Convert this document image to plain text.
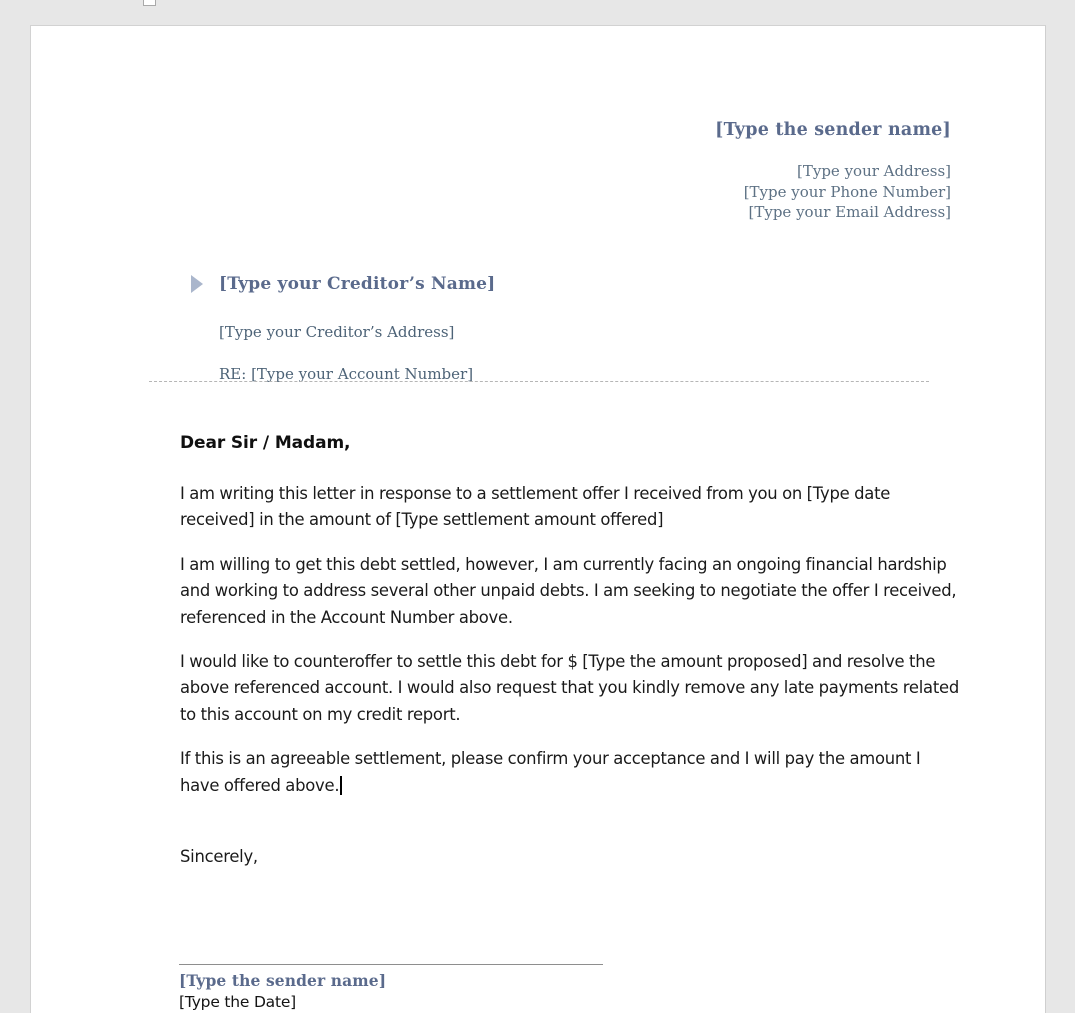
[Type the sender name]
[Type your Address]
[Type your Phone Number]
[Type your Email Address]
[Type your Creditor’s Name]
[Type your Creditor’s Address]
RE: [Type your Account Number]
Dear Sir / Madam,

I am writing this letter in response to a settlement offer I received from you on [Type date received] in the amount of [Type settlement amount offered]

I am willing to get this debt settled, however, I am currently facing an ongoing financial hardship and working to address several other unpaid debts. I am seeking to negotiate the offer I received, referenced in the Account Number above.

I would like to counteroffer to settle this debt for $ [Type the amount proposed] and resolve the above referenced account. I would also request that you kindly remove any late payments related to this account on my credit report.

If this is an agreeable settlement, please confirm your acceptance and I will pay the amount I have offered above.

Sincerely,
[Type the sender name]
[Type the Date]
